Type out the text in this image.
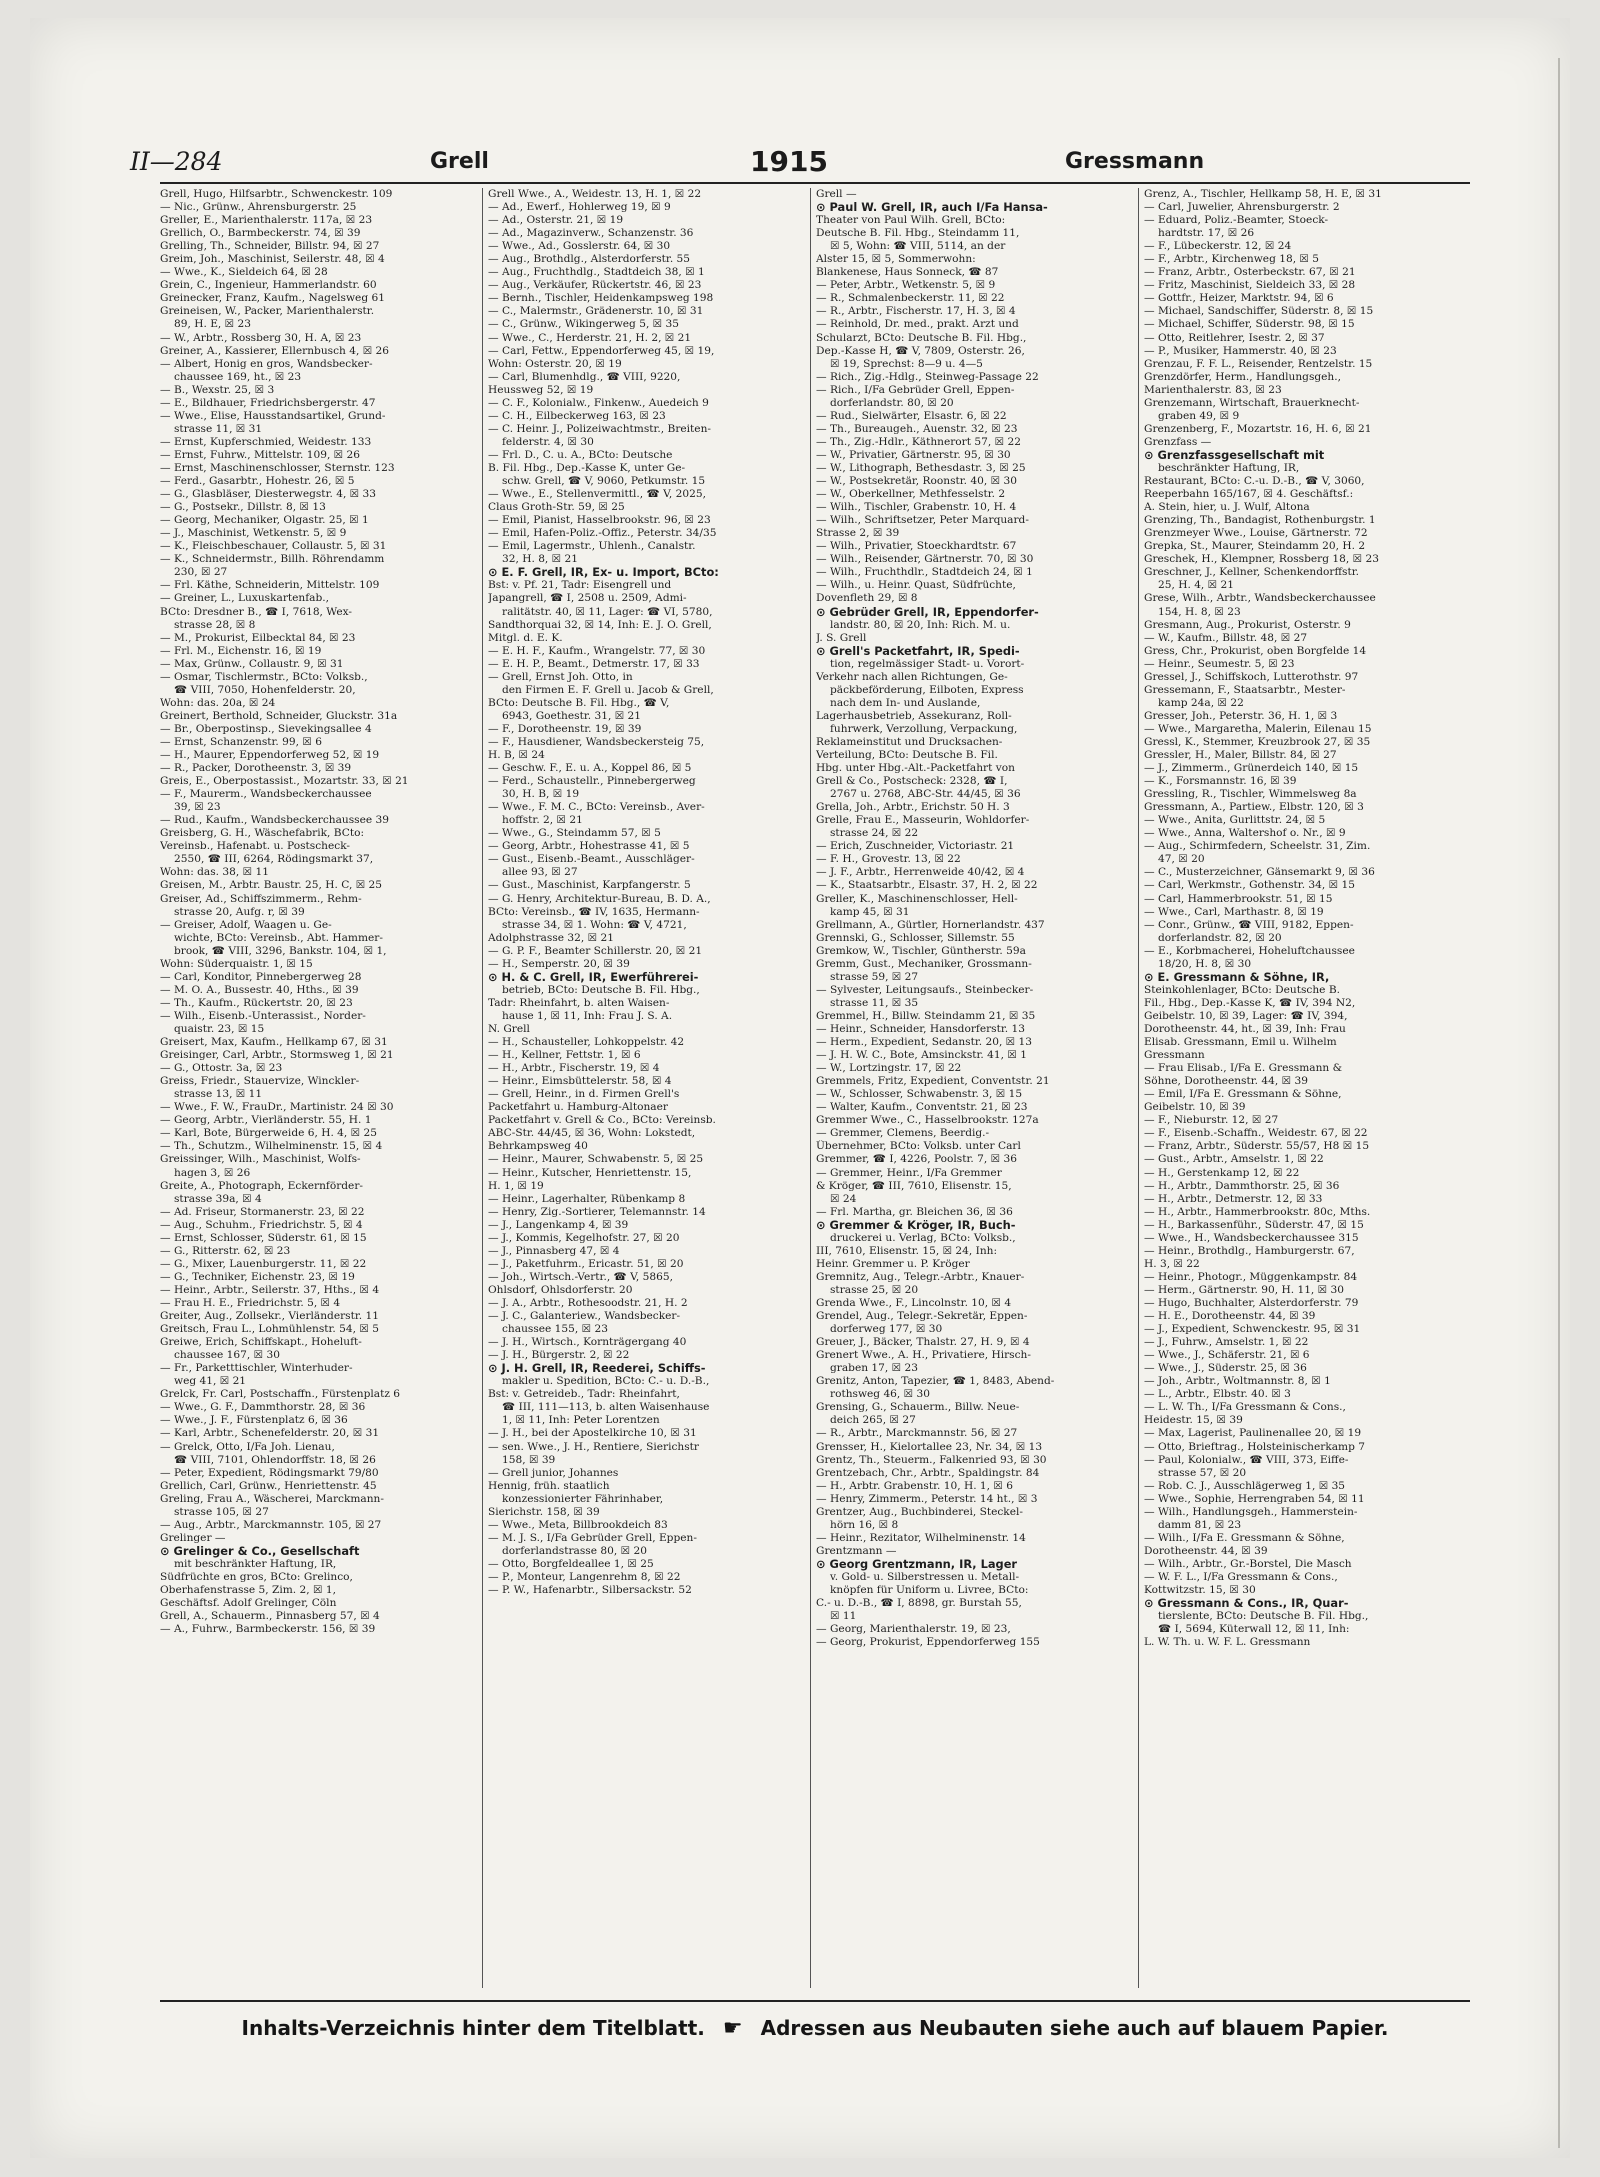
II—284	Grell	1915	Gressmann
Grell, Hugo, Hilfsarbtr., Schwenckestr. 109
— Nic., Grünw., Ahrensburgerstr. 25
Greller, E., Marienthalerstr. 117a, ☒ 23
Grellich, O., Barmbeckerstr. 74, ☒ 39
Grelling, Th., Schneider, Billstr. 94, ☒ 27
Greim, Joh., Maschinist, Seilerstr. 48, ☒ 4
— Wwe., K., Sieldeich 64, ☒ 28
Grein, C., Ingenieur, Hammerlandstr. 60
Greinecker, Franz, Kaufm., Nagelsweg 61
Greineisen, W., Packer, Marienthalerstr.
89, H. E, ☒ 23
— W., Arbtr., Rossberg 30, H. A, ☒ 23
Greiner, A., Kassierer, Ellernbusch 4, ☒ 26
— Albert, Honig en gros, Wandsbecker-
chaussee 169, ht., ☒ 23
— B., Wexstr. 25, ☒ 3
— E., Bildhauer, Friedrichsbergerstr. 47
— Wwe., Elise, Hausstandsartikel, Grund-
strasse 11, ☒ 31
— Ernst, Kupferschmied, Weidestr. 133
— Ernst, Fuhrw., Mittelstr. 109, ☒ 26
— Ernst, Maschinenschlosser, Sternstr. 123
— Ferd., Gasarbtr., Hohestr. 26, ☒ 5
— G., Glasbläser, Diesterwegstr. 4, ☒ 33
— G., Postsekr., Dillstr. 8, ☒ 13
— Georg, Mechaniker, Olgastr. 25, ☒ 1
— J., Maschinist, Wetkenstr. 5, ☒ 9
— K., Fleischbeschauer, Collaustr. 5, ☒ 31
— K., Schneidermstr., Billh. Röhrendamm
230, ☒ 27
— Frl. Käthe, Schneiderin, Mittelstr. 109
— Greiner, L., Luxuskartenfab.,
BCto: Dresdner B., ☎ I, 7618, Wex-
strasse 28, ☒ 8
— M., Prokurist, Eilbecktal 84, ☒ 23
— Frl. M., Eichenstr. 16, ☒ 19
— Max, Grünw., Collaustr. 9, ☒ 31
— Osmar, Tischlermstr., BCto: Volksb.,
☎ VIII, 7050, Hohenfelderstr. 20,
Wohn: das. 20a, ☒ 24
Greinert, Berthold, Schneider, Gluckstr. 31a
— Br., Oberpostinsp., Sievekingsallee 4
— Ernst, Schanzenstr. 99, ☒ 6
— H., Maurer, Eppendorferweg 52, ☒ 19
— R., Packer, Dorotheenstr. 3, ☒ 39
Greis, E., Oberpostassist., Mozartstr. 33, ☒ 21
— F., Maurerm., Wandsbeckerchaussee
39, ☒ 23
— Rud., Kaufm., Wandsbeckerchaussee 39
Greisberg, G. H., Wäschefabrik, BCto:
Vereinsb., Hafenabt. u. Postscheck-
2550, ☎ III, 6264, Rödingsmarkt 37,
Wohn: das. 38, ☒ 11
Greisen, M., Arbtr. Baustr. 25, H. C, ☒ 25
Greiser, Ad., Schiffszimmerm., Rehm-
strasse 20, Aufg. r, ☒ 39
— Greiser, Adolf, Waagen u. Ge-
wichte, BCto: Vereinsb., Abt. Hammer-
brook, ☎ VIII, 3296, Bankstr. 104, ☒ 1,
Wohn: Süderquaistr. 1, ☒ 15
— Carl, Konditor, Pinnebergerweg 28
— M. O. A., Bussestr. 40, Hths., ☒ 39
— Th., Kaufm., Rückertstr. 20, ☒ 23
— Wilh., Eisenb.-Unterassist., Norder-
quaistr. 23, ☒ 15
Greisert, Max, Kaufm., Hellkamp 67, ☒ 31
Greisinger, Carl, Arbtr., Stormsweg 1, ☒ 21
— G., Ottostr. 3a, ☒ 23
Greiss, Friedr., Stauervize, Winckler-
strasse 13, ☒ 11
— Wwe., F. W., FrauDr., Martinistr. 24 ☒ 30
— Georg, Arbtr., Vierländerstr. 55, H. 1
— Karl, Bote, Bürgerweide 6, H. 4, ☒ 25
— Th., Schutzm., Wilhelminenstr. 15, ☒ 4
Greissinger, Wilh., Maschinist, Wolfs-
hagen 3, ☒ 26
Greite, A., Photograph, Eckernförder-
strasse 39a, ☒ 4
— Ad. Friseur, Stormanerstr. 23, ☒ 22
— Aug., Schuhm., Friedrichstr. 5, ☒ 4
— Ernst, Schlosser, Süderstr. 61, ☒ 15
— G., Ritterstr. 62, ☒ 23
— G., Mixer, Lauenburgerstr. 11, ☒ 22
— G., Techniker, Eichenstr. 23, ☒ 19
— Heinr., Arbtr., Seilerstr. 37, Hths., ☒ 4
— Frau H. E., Friedrichstr. 5, ☒ 4
Greiter, Aug., Zollsekr., Vierländerstr. 11
Greitsch, Frau L., Lohmühlenstr. 54, ☒ 5
Greiwe, Erich, Schiffskapt., Hoheluft-
chaussee 167, ☒ 30
— Fr., Parketttischler, Winterhuder-
weg 41, ☒ 21
Grelck, Fr. Carl, Postschaffn., Fürstenplatz 6
— Wwe., G. F., Dammthorstr. 28, ☒ 36
— Wwe., J. F., Fürstenplatz 6, ☒ 36
— Karl, Arbtr., Schenefelderstr. 20, ☒ 31
— Grelck, Otto, I/Fa Joh. Lienau,
☎ VIII, 7101, Ohlendorffstr. 18, ☒ 26
— Peter, Expedient, Rödingsmarkt 79/80
Grellich, Carl, Grünw., Henriettenstr. 45
Greling, Frau A., Wäscherei, Marckmann-
strasse 105, ☒ 27
— Aug., Arbtr., Marckmannstr. 105, ☒ 27
Grelinger —
⊙ Grelinger & Co., Gesellschaft
mit beschränkter Haftung, IR,
Südfrüchte en gros, BCto: Grelinco,
Oberhafenstrasse 5, Zim. 2, ☒ 1,
Geschäftsf. Adolf Grelinger, Cöln
Grell, A., Schauerm., Pinnasberg 57, ☒ 4
— A., Fuhrw., Barmbeckerstr. 156, ☒ 39
Grell Wwe., A., Weidestr. 13, H. 1, ☒ 22
— Ad., Ewerf., Hohlerweg 19, ☒ 9
— Ad., Osterstr. 21, ☒ 19
— Ad., Magazinverw., Schanzenstr. 36
— Wwe., Ad., Gosslerstr. 64, ☒ 30
— Aug., Brothdlg., Alsterdorferstr. 55
— Aug., Fruchthdlg., Stadtdeich 38, ☒ 1
— Aug., Verkäufer, Rückertstr. 46, ☒ 23
— Bernh., Tischler, Heidenkampsweg 198
— C., Malermstr., Grädenerstr. 10, ☒ 31
— C., Grünw., Wikingerweg 5, ☒ 35
— Wwe., C., Herderstr. 21, H. 2, ☒ 21
— Carl, Fettw., Eppendorferweg 45, ☒ 19,
Wohn: Osterstr. 20, ☒ 19
— Carl, Blumenhdlg., ☎ VIII, 9220,
Heussweg 52, ☒ 19
— C. F., Kolonialw., Finkenw., Auedeich 9
— C. H., Eilbeckerweg 163, ☒ 23
— C. Heinr. J., Polizeiwachtmstr., Breiten-
felderstr. 4, ☒ 30
— Frl. D., C. u. A., BCto: Deutsche
B. Fil. Hbg., Dep.-Kasse K, unter Ge-
schw. Grell, ☎ V, 9060, Petkumstr. 15
— Wwe., E., Stellenvermittl., ☎ V, 2025,
Claus Groth-Str. 59, ☒ 25
— Emil, Pianist, Hasselbrookstr. 96, ☒ 23
— Emil, Hafen-Poliz.-Offiz., Peterstr. 34/35
— Emil, Lagermstr., Uhlenh., Canalstr.
32, H. 8, ☒ 21
⊙ E. F. Grell, IR, Ex- u. Import, BCto:
Bst: v. Pf. 21, Tadr: Eisengrell und
Japangrell, ☎ I, 2508 u. 2509, Admi-
ralitätstr. 40, ☒ 11, Lager: ☎ VI, 5780,
Sandthorquai 32, ☒ 14, Inh: E. J. O. Grell,
Mitgl. d. E. K.
— E. H. F., Kaufm., Wrangelstr. 77, ☒ 30
— E. H. P., Beamt., Detmerstr. 17, ☒ 33
— Grell, Ernst Joh. Otto, in
den Firmen E. F. Grell u. Jacob & Grell,
BCto: Deutsche B. Fil. Hbg., ☎ V,
6943, Goethestr. 31, ☒ 21
— F., Dorotheenstr. 19, ☒ 39
— F., Hausdiener, Wandsbeckersteig 75,
H. B, ☒ 24
— Geschw. F., E. u. A., Koppel 86, ☒ 5
— Ferd., Schaustellr., Pinnebergerweg
30, H. B, ☒ 19
— Wwe., F. M. C., BCto: Vereinsb., Aver-
hoffstr. 2, ☒ 21
— Wwe., G., Steindamm 57, ☒ 5
— Georg, Arbtr., Hohestrasse 41, ☒ 5
— Gust., Eisenb.-Beamt., Ausschläger-
allee 93, ☒ 27
— Gust., Maschinist, Karpfangerstr. 5
— G. Henry, Architektur-Bureau, B. D. A.,
BCto: Vereinsb., ☎ IV, 1635, Hermann-
strasse 34, ☒ 1. Wohn: ☎ V, 4721,
Adolphstrasse 32, ☒ 21
— G. P. F., Beamter Schillerstr. 20, ☒ 21
— H., Semperstr. 20, ☒ 39
⊙ H. & C. Grell, IR, Ewerführerei-
betrieb, BCto: Deutsche B. Fil. Hbg.,
Tadr: Rheinfahrt, b. alten Waisen-
hause 1, ☒ 11, Inh: Frau J. S. A.
N. Grell
— H., Schausteller, Lohkoppelstr. 42
— H., Kellner, Fettstr. 1, ☒ 6
— H., Arbtr., Fischerstr. 19, ☒ 4
— Heinr., Eimsbüttelerstr. 58, ☒ 4
— Grell, Heinr., in d. Firmen Grell's
Packetfahrt u. Hamburg-Altonaer
Packetfahrt v. Grell & Co., BCto: Vereinsb.
ABC-Str. 44/45, ☒ 36, Wohn: Lokstedt,
Behrkampsweg 40
— Heinr., Maurer, Schwabenstr. 5, ☒ 25
— Heinr., Kutscher, Henriettenstr. 15,
H. 1, ☒ 19
— Heinr., Lagerhalter, Rübenkamp 8
— Henry, Zig.-Sortierer, Telemannstr. 14
— J., Langenkamp 4, ☒ 39
— J., Kommis, Kegelhofstr. 27, ☒ 20
— J., Pinnasberg 47, ☒ 4
— J., Paketfuhrm., Ericastr. 51, ☒ 20
— Joh., Wirtsch.-Vertr., ☎ V, 5865,
Ohlsdorf, Ohlsdorferstr. 20
— J. A., Arbtr., Rothesoodstr. 21, H. 2
— J. C., Galanteriew., Wandsbecker-
chaussee 155, ☒ 23
— J. H., Wirtsch., Kornträgergang 40
— J. H., Bürgerstr. 2, ☒ 22
⊙ J. H. Grell, IR, Reederei, Schiffs-
makler u. Spedition, BCto: C.- u. D.-B.,
Bst: v. Getreideb., Tadr: Rheinfahrt,
☎ III, 111—113, b. alten Waisenhause
1, ☒ 11, Inh: Peter Lorentzen
— J. H., bei der Apostelkirche 10, ☒ 31
— sen. Wwe., J. H., Rentiere, Sierichstr
158, ☒ 39
— Grell junior, Johannes
Hennig, früh. staatlich
konzessionierter Fährinhaber,
Sierichstr. 158, ☒ 39
— Wwe., Meta, Billbrookdeich 83
— M. J. S., I/Fa Gebrüder Grell, Eppen-
dorferlandstrasse 80, ☒ 20
— Otto, Borgfeldeallee 1, ☒ 25
— P., Monteur, Langenrehm 8, ☒ 22
— P. W., Hafenarbtr., Silbersackstr. 52
Grell —
⊙ Paul W. Grell, IR, auch I/Fa Hansa-
Theater von Paul Wilh. Grell, BCto:
Deutsche B. Fil. Hbg., Steindamm 11,
☒ 5, Wohn: ☎ VIII, 5114, an der
Alster 15, ☒ 5, Sommerwohn:
Blankenese, Haus Sonneck, ☎ 87
— Peter, Arbtr., Wetkenstr. 5, ☒ 9
— R., Schmalenbeckerstr. 11, ☒ 22
— R., Arbtr., Fischerstr. 17, H. 3, ☒ 4
— Reinhold, Dr. med., prakt. Arzt und
Schularzt, BCto: Deutsche B. Fil. Hbg.,
Dep.-Kasse H, ☎ V, 7809, Osterstr. 26,
☒ 19, Sprechst: 8—9 u. 4—5
— Rich., Zig.-Hdlg., Steinweg-Passage 22
— Rich., I/Fa Gebrüder Grell, Eppen-
dorferlandstr. 80, ☒ 20
— Rud., Sielwärter, Elsastr. 6, ☒ 22
— Th., Bureaugeh., Auenstr. 32, ☒ 23
— Th., Zig.-Hdlr., Käthnerort 57, ☒ 22
— W., Privatier, Gärtnerstr. 95, ☒ 30
— W., Lithograph, Bethesdastr. 3, ☒ 25
— W., Postsekretär, Roonstr. 40, ☒ 30
— W., Oberkellner, Methfesselstr. 2
— Wilh., Tischler, Grabenstr. 10, H. 4
— Wilh., Schriftsetzer, Peter Marquard-
Strasse 2, ☒ 39
— Wilh., Privatier, Stoeckhardtstr. 67
— Wilh., Reisender, Gärtnerstr. 70, ☒ 30
— Wilh., Fruchthdlr., Stadtdeich 24, ☒ 1
— Wilh., u. Heinr. Quast, Südfrüchte,
Dovenfleth 29, ☒ 8
⊙ Gebrüder Grell, IR, Eppendorfer-
landstr. 80, ☒ 20, Inh: Rich. M. u.
J. S. Grell
⊙ Grell's Packetfahrt, IR, Spedi-
tion, regelmässiger Stadt- u. Vorort-
Verkehr nach allen Richtungen, Ge-
päckbeförderung, Eilboten, Express
nach dem In- und Auslande,
Lagerhausbetrieb, Assekuranz, Roll-
fuhrwerk, Verzollung, Verpackung,
Reklameinstitut und Drucksachen-
Verteilung, BCto: Deutsche B. Fil.
Hbg. unter Hbg.-Alt.-Packetfahrt von
Grell & Co., Postscheck: 2328, ☎ I,
2767 u. 2768, ABC-Str. 44/45, ☒ 36
Grella, Joh., Arbtr., Erichstr. 50 H. 3
Grelle, Frau E., Masseurin, Wohldorfer-
strasse 24, ☒ 22
— Erich, Zuschneider, Victoriastr. 21
— F. H., Grovestr. 13, ☒ 22
— J. F., Arbtr., Herrenweide 40/42, ☒ 4
— K., Staatsarbtr., Elsastr. 37, H. 2, ☒ 22
Greller, K., Maschinenschlosser, Hell-
kamp 45, ☒ 31
Grellmann, A., Gürtler, Hornerlandstr. 437
Grennski, G., Schlosser, Sillemstr. 55
Gremkow, W., Tischler, Güntherstr. 59a
Gremm, Gust., Mechaniker, Grossmann-
strasse 59, ☒ 27
— Sylvester, Leitungsaufs., Steinbecker-
strasse 11, ☒ 35
Gremmel, H., Billw. Steindamm 21, ☒ 35
— Heinr., Schneider, Hansdorferstr. 13
— Herm., Expedient, Sedanstr. 20, ☒ 13
— J. H. W. C., Bote, Amsinckstr. 41, ☒ 1
— W., Lortzingstr. 17, ☒ 22
Gremmels, Fritz, Expedient, Conventstr. 21
— W., Schlosser, Schwabenstr. 3, ☒ 15
— Walter, Kaufm., Conventstr. 21, ☒ 23
Gremmer Wwe., C., Hasselbrookstr. 127a
— Gremmer, Clemens, Beerdig.-
Übernehmer, BCto: Volksb. unter Carl
Gremmer, ☎ I, 4226, Poolstr. 7, ☒ 36
— Gremmer, Heinr., I/Fa Gremmer
& Kröger, ☎ III, 7610, Elisenstr. 15,
☒ 24
— Frl. Martha, gr. Bleichen 36, ☒ 36
⊙ Gremmer & Kröger, IR, Buch-
druckerei u. Verlag, BCto: Volksb.,
III, 7610, Elisenstr. 15, ☒ 24, Inh:
Heinr. Gremmer u. P. Kröger
Gremnitz, Aug., Telegr.-Arbtr., Knauer-
strasse 25, ☒ 20
Grenda Wwe., F., Lincolnstr. 10, ☒ 4
Grendel, Aug., Telegr.-Sekretär, Eppen-
dorferweg 177, ☒ 30
Greuer, J., Bäcker, Thalstr. 27, H. 9, ☒ 4
Grenert Wwe., A. H., Privatiere, Hirsch-
graben 17, ☒ 23
Grenitz, Anton, Tapezier, ☎ 1, 8483, Abend-
rothsweg 46, ☒ 30
Grensing, G., Schauerm., Billw. Neue-
deich 265, ☒ 27
— R., Arbtr., Marckmannstr. 56, ☒ 27
Grensser, H., Kielortallee 23, Nr. 34, ☒ 13
Grentz, Th., Steuerm., Falkenried 93, ☒ 30
Grentzebach, Chr., Arbtr., Spaldingstr. 84
— H., Arbtr. Grabenstr. 10, H. 1, ☒ 6
— Henry, Zimmerm., Peterstr. 14 ht., ☒ 3
Grentzer, Aug., Buchbinderei, Steckel-
hörn 16, ☒ 8
— Heinr., Rezitator, Wilhelminenstr. 14
Grentzmann —
⊙ Georg Grentzmann, IR, Lager
v. Gold- u. Silberstressen u. Metall-
knöpfen für Uniform u. Livree, BCto:
C.- u. D.-B., ☎ I, 8898, gr. Burstah 55,
☒ 11
— Georg, Marienthalerstr. 19, ☒ 23,
— Georg, Prokurist, Eppendorferweg 155
Grenz, A., Tischler, Hellkamp 58, H. E, ☒ 31
— Carl, Juwelier, Ahrensburgerstr. 2
— Eduard, Poliz.-Beamter, Stoeck-
hardtstr. 17, ☒ 26
— F., Lübeckerstr. 12, ☒ 24
— F., Arbtr., Kirchenweg 18, ☒ 5
— Franz, Arbtr., Osterbeckstr. 67, ☒ 21
— Fritz, Maschinist, Sieldeich 33, ☒ 28
— Gottfr., Heizer, Marktstr. 94, ☒ 6
— Michael, Sandschiffer, Süderstr. 8, ☒ 15
— Michael, Schiffer, Süderstr. 98, ☒ 15
— Otto, Reitlehrer, Isestr. 2, ☒ 37
— P., Musiker, Hammerstr. 40, ☒ 23
Grenzau, F. F. L., Reisender, Rentzelstr. 15
Grenzdörfer, Herm., Handlungsgeh.,
Marienthalerstr. 83, ☒ 23
Grenzemann, Wirtschaft, Brauerknecht-
graben 49, ☒ 9
Grenzenberg, F., Mozartstr. 16, H. 6, ☒ 21
Grenzfass —
⊙ Grenzfassgesellschaft mit
beschränkter Haftung, IR,
Restaurant, BCto: C.-u. D.-B., ☎ V, 3060,
Reeperbahn 165/167, ☒ 4. Geschäftsf.:
A. Stein, hier, u. J. Wulf, Altona
Grenzing, Th., Bandagist, Rothenburgstr. 1
Grenzmeyer Wwe., Louise, Gärtnerstr. 72
Grepka, St., Maurer, Steindamm 20, H. 2
Greschek, H., Klempner, Rossberg 18, ☒ 23
Greschner, J., Kellner, Schenkendorffstr.
25, H. 4, ☒ 21
Grese, Wilh., Arbtr., Wandsbeckerchaussee
154, H. 8, ☒ 23
Gresmann, Aug., Prokurist, Osterstr. 9
— W., Kaufm., Billstr. 48, ☒ 27
Gress, Chr., Prokurist, oben Borgfelde 14
— Heinr., Seumestr. 5, ☒ 23
Gressel, J., Schiffskoch, Lutterothstr. 97
Gressemann, F., Staatsarbtr., Mester-
kamp 24a, ☒ 22
Gresser, Joh., Peterstr. 36, H. 1, ☒ 3
— Wwe., Margaretha, Malerin, Eilenau 15
Gressl, K., Stemmer, Kreuzbrook 27, ☒ 35
Gressler, H., Maler, Billstr. 84, ☒ 27
— J., Zimmerm., Grünerdeich 140, ☒ 15
— K., Forsmannstr. 16, ☒ 39
Gressling, R., Tischler, Wimmelsweg 8a
Gressmann, A., Partiew., Elbstr. 120, ☒ 3
— Wwe., Anita, Gurlittstr. 24, ☒ 5
— Wwe., Anna, Waltershof o. Nr., ☒ 9
— Aug., Schirmfedern, Scheelstr. 31, Zim.
47, ☒ 20
— C., Musterzeichner, Gänsemarkt 9, ☒ 36
— Carl, Werkmstr., Gothenstr. 34, ☒ 15
— Carl, Hammerbrookstr. 51, ☒ 15
— Wwe., Carl, Marthastr. 8, ☒ 19
— Conr., Grünw., ☎ VIII, 9182, Eppen-
dorferlandstr. 82, ☒ 20
— E., Korbmacherei, Hoheluftchaussee
18/20, H. 8, ☒ 30
⊙ E. Gressmann & Söhne, IR,
Steinkohlenlager, BCto: Deutsche B.
Fil., Hbg., Dep.-Kasse K, ☎ IV, 394 N2,
Geibelstr. 10, ☒ 39, Lager: ☎ IV, 394,
Dorotheenstr. 44, ht., ☒ 39, Inh: Frau
Elisab. Gressmann, Emil u. Wilhelm
Gressmann
— Frau Elisab., I/Fa E. Gressmann &
Söhne, Dorotheenstr. 44, ☒ 39
— Emil, I/Fa E. Gressmann & Söhne,
Geibelstr. 10, ☒ 39
— F., Nieburstr. 12, ☒ 27
— F., Eisenb.-Schaffn., Weidestr. 67, ☒ 22
— Franz, Arbtr., Süderstr. 55/57, H8 ☒ 15
— Gust., Arbtr., Amselstr. 1, ☒ 22
— H., Gerstenkamp 12, ☒ 22
— H., Arbtr., Dammthorstr. 25, ☒ 36
— H., Arbtr., Detmerstr. 12, ☒ 33
— H., Arbtr., Hammerbrookstr. 80c, Mths.
— H., Barkassenführ., Süderstr. 47, ☒ 15
— Wwe., H., Wandsbeckerchaussee 315
— Heinr., Brothdlg., Hamburgerstr. 67,
H. 3, ☒ 22
— Heinr., Photogr., Müggenkampstr. 84
— Herm., Gärtnerstr. 90, H. 11, ☒ 30
— Hugo, Buchhalter, Alsterdorferstr. 79
— H. E., Dorotheenstr. 44, ☒ 39
— J., Expedient, Schwenckestr. 95, ☒ 31
— J., Fuhrw., Amselstr. 1, ☒ 22
— Wwe., J., Schäferstr. 21, ☒ 6
— Wwe., J., Süderstr. 25, ☒ 36
— Joh., Arbtr., Woltmannstr. 8, ☒ 1
— L., Arbtr., Elbstr. 40. ☒ 3
— L. W. Th., I/Fa Gressmann & Cons.,
Heidestr. 15, ☒ 39
— Max, Lagerist, Paulinenallee 20, ☒ 19
— Otto, Brieftrag., Holsteinischerkamp 7
— Paul, Kolonialw., ☎ VIII, 373, Eiffe-
strasse 57, ☒ 20
— Rob. C. J., Ausschlägerweg 1, ☒ 35
— Wwe., Sophie, Herrengraben 54, ☒ 11
— Wilh., Handlungsgeh., Hammerstein-
damm 81, ☒ 23
— Wilh., I/Fa E. Gressmann & Söhne,
Dorotheenstr. 44, ☒ 39
— Wilh., Arbtr., Gr.-Borstel, Die Masch
— W. F. L., I/Fa Gressmann & Cons.,
Kottwitzstr. 15, ☒ 30
⊙ Gressmann & Cons., IR, Quar-
tierslente, BCto: Deutsche B. Fil. Hbg.,
☎ I, 5694, Küterwall 12, ☒ 11, Inh:
L. W. Th. u. W. F. L. Gressmann
Inhalts-Verzeichnis hinter dem Titelblatt. ☛ Adressen aus Neubauten siehe auch auf blauem Papier.
